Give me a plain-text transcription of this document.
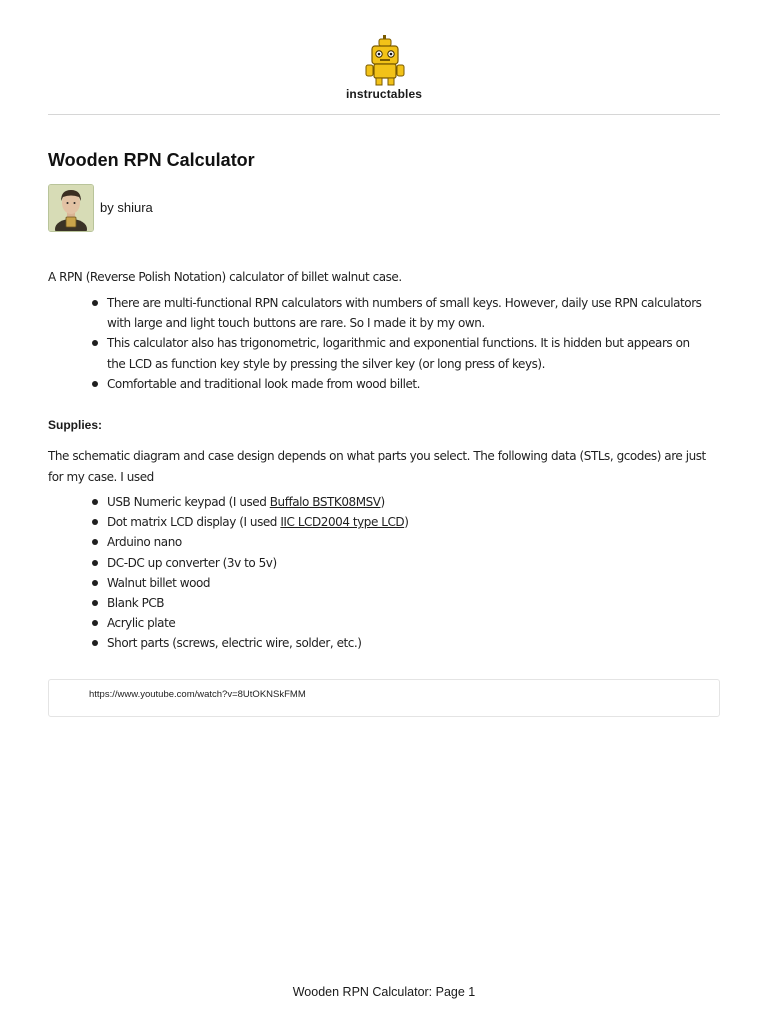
instructables
Wooden RPN Calculator
by shiura
A RPN (Reverse Polish Notation) calculator of billet walnut case.
There are multi-functional RPN calculators with numbers of small keys. However, daily use RPN calculators with large and light touch buttons are rare. So I made it by my own.
This calculator also has trigonometric, logarithmic and exponential functions. It is hidden but appears on the LCD as function key style by pressing the silver key (or long press of keys).
Comfortable and traditional look made from wood billet.
Supplies:
The schematic diagram and case design depends on what parts you select. The following data (STLs, gcodes) are just for my case. I used
USB Numeric keypad (I used Buffalo BSTK08MSV)
Dot matrix LCD display (I used IIC LCD2004 type LCD)
Arduino nano
DC-DC up converter (3v to 5v)
Walnut billet wood
Blank PCB
Acrylic plate
Short parts (screws, electric wire, solder, etc.)
https://www.youtube.com/watch?v=8UtOKNSkFMM
Wooden RPN Calculator: Page 1
